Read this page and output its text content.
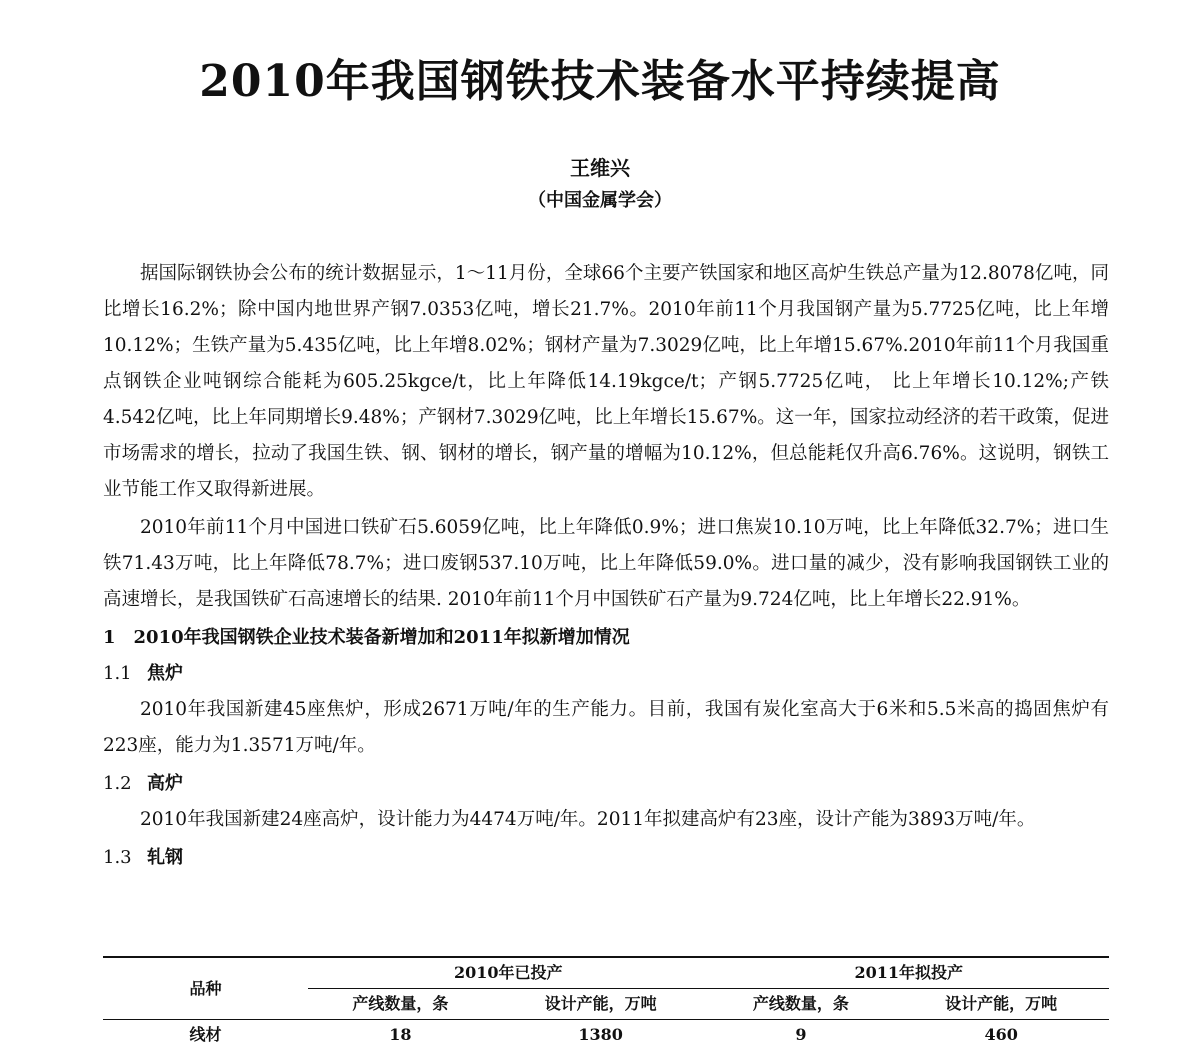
2010年我国钢铁技术装备水平持续提高
王维兴
（中国金属学会）

据国际钢铁协会公布的统计数据显示，1～11月份，全球66个主要产铁国家和地区高炉生铁总产量为12.8078亿吨，同比增长16.2%；除中国内地世界产钢7.0353亿吨，增长21.7%。2010年前11个月我国钢产量为5.7725亿吨，比上年增10.12%；生铁产量为5.435亿吨，比上年增8.02%；钢材产量为7.3029亿吨，比上年增15.67%.2010年前11个月我国重点钢铁企业吨钢综合能耗为605.25kgce/t，比上年降低14.19kgce/t；产钢5.7725亿吨， 比上年增长10.12%;产铁4.542亿吨，比上年同期增长9.48%；产钢材7.3029亿吨，比上年增长15.67%。这一年，国家拉动经济的若干政策，促进市场需求的增长，拉动了我国生铁、钢、钢材的增长，钢产量的增幅为10.12%，但总能耗仅升高6.76%。这说明，钢铁工业节能工作又取得新进展。

2010年前11个月中国进口铁矿石5.6059亿吨，比上年降低0.9%；进口焦炭10.10万吨，比上年降低32.7%；进口生铁71.43万吨，比上年降低78.7%；进口废钢537.10万吨，比上年降低59.0%。进口量的减少，没有影响我国钢铁工业的高速增长，是我国铁矿石高速增长的结果. 2010年前11个月中国铁矿石产量为9.724亿吨，比上年增长22.91%。

1　2010年我国钢铁企业技术装备新增加和2011年拟新增加情况

1.1 焦炉

2010年我国新建45座焦炉，形成2671万吨/年的生产能力。目前，我国有炭化室高大于6米和5.5米高的捣固焦炉有223座，能力为1.3571万吨/年。

1.2 高炉

2010年我国新建24座高炉，设计能力为4474万吨/年。2011年拟建高炉有23座，设计产能为3893万吨/年。

1.3 轧钢

品种	2010年已投产		2011年拟投产	
	产线数量，条	设计产能，万吨	产线数量，条	设计产能，万吨
线材	18	1380	9	460
